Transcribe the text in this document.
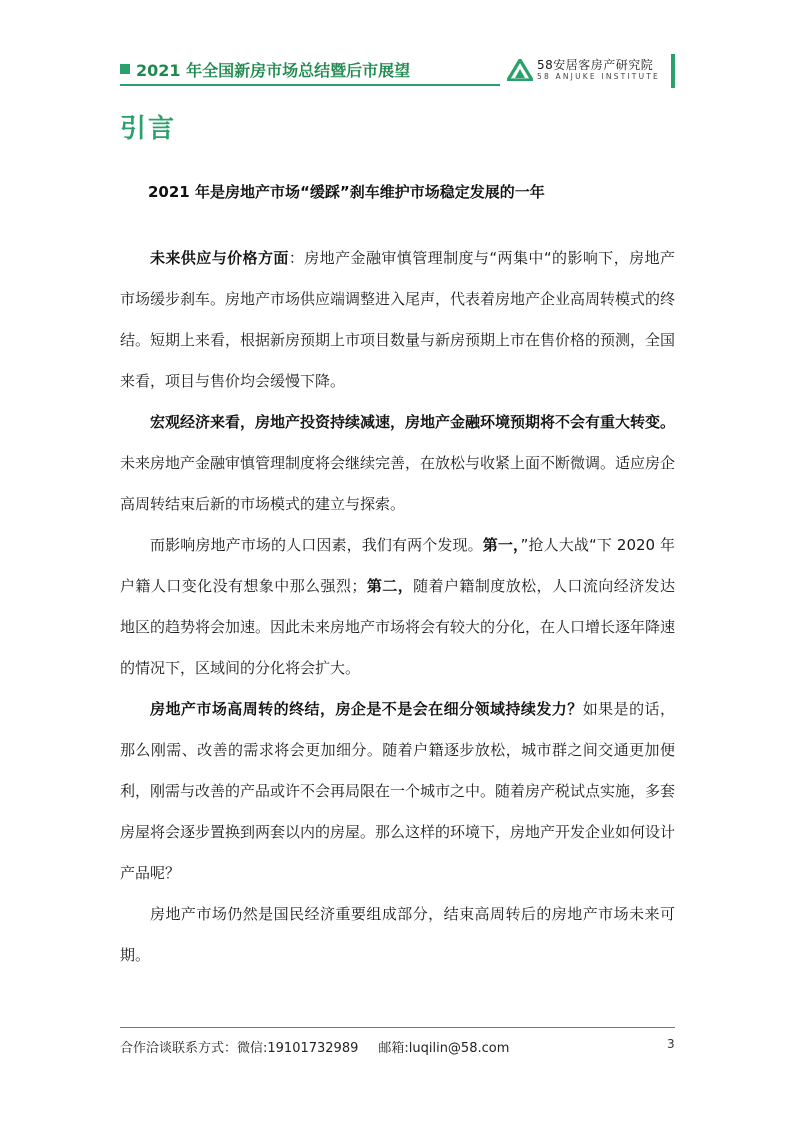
2021 年全国新房市场总结暨后市展望	58安居客房产研究院
58 ANJUKE INSTITUTE
引言
2021 年是房地产市场“缓踩”刹车维护市场稳定发展的一年

未来供应与价格方面：房地产金融审慎管理制度与“两集中“的影响下，房地产市场缓步刹车。房地产市场供应端调整进入尾声，代表着房地产企业高周转模式的终结。短期上来看，根据新房预期上市项目数量与新房预期上市在售价格的预测，全国来看，项目与售价均会缓慢下降。

宏观经济来看，房地产投资持续减速，房地产金融环境预期将不会有重大转变。未来房地产金融审慎管理制度将会继续完善，在放松与收紧上面不断微调。适应房企高周转结束后新的市场模式的建立与探索。

而影响房地产市场的人口因素，我们有两个发现。第一，”抢人大战“下 2020 年户籍人口变化没有想象中那么强烈；第二，随着户籍制度放松，人口流向经济发达地区的趋势将会加速。因此未来房地产市场将会有较大的分化，在人口增长逐年降速的情况下，区域间的分化将会扩大。

房地产市场高周转的终结，房企是不是会在细分领域持续发力？如果是的话，那么刚需、改善的需求将会更加细分。随着户籍逐步放松，城市群之间交通更加便利，刚需与改善的产品或许不会再局限在一个城市之中。随着房产税试点实施，多套房屋将会逐步置换到两套以内的房屋。那么这样的环境下，房地产开发企业如何设计产品呢？

房地产市场仍然是国民经济重要组成部分，结束高周转后的房地产市场未来可期。

合作洽谈联系方式：微信:19101732989 邮箱:luqilin@58.com	3
